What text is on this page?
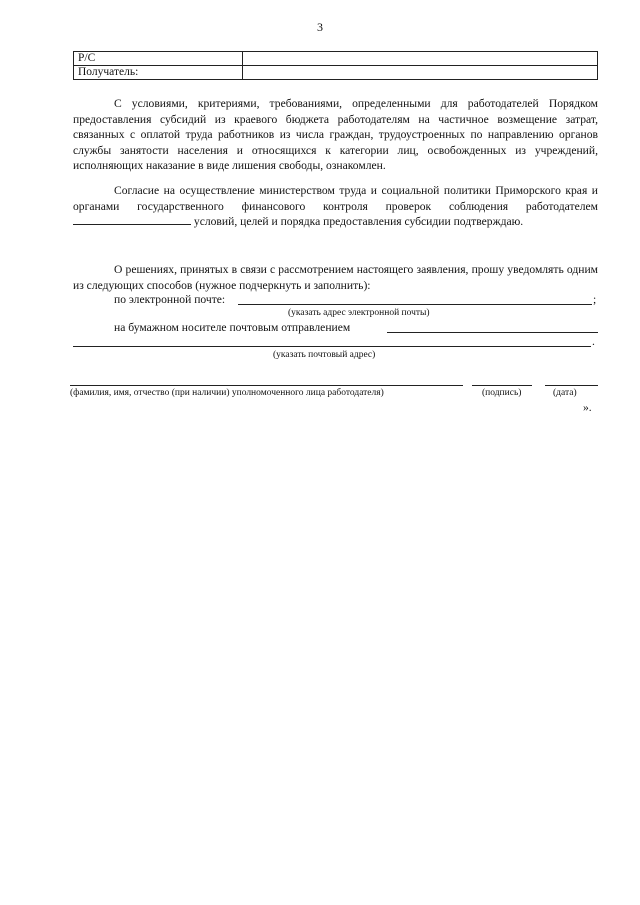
3
Р/С	
Получатель:	
С условиями, критериями, требованиями, определенными для работодателей Порядком предоставления субсидий из краевого бюджета работодателям на частичное возмещение затрат, связанных с оплатой труда работников из числа граждан, трудоустроенных по направлению органов службы занятости населения и относящихся к категории лиц, освобожденных из учреждений, исполняющих наказание в виде лишения свободы, ознакомлен.
Согласие на осуществление министерством труда и социальной политики Приморского края и органами государственного финансового контроля проверок соблюдения работодателем  условий, целей и порядка предоставления субсидии подтверждаю.
О решениях, принятых в связи с рассмотрением настоящего заявления, прошу уведомлять одним из следующих способов (нужное подчеркнуть и заполнить):
по электронной почте:	;
(указать адрес электронной почты)
на бумажном носителе почтовым отправлением
.
(указать почтовый адрес)
(фамилия, имя, отчество (при наличии) уполномоченного лица работодателя)	(подпись)	(дата)
».
